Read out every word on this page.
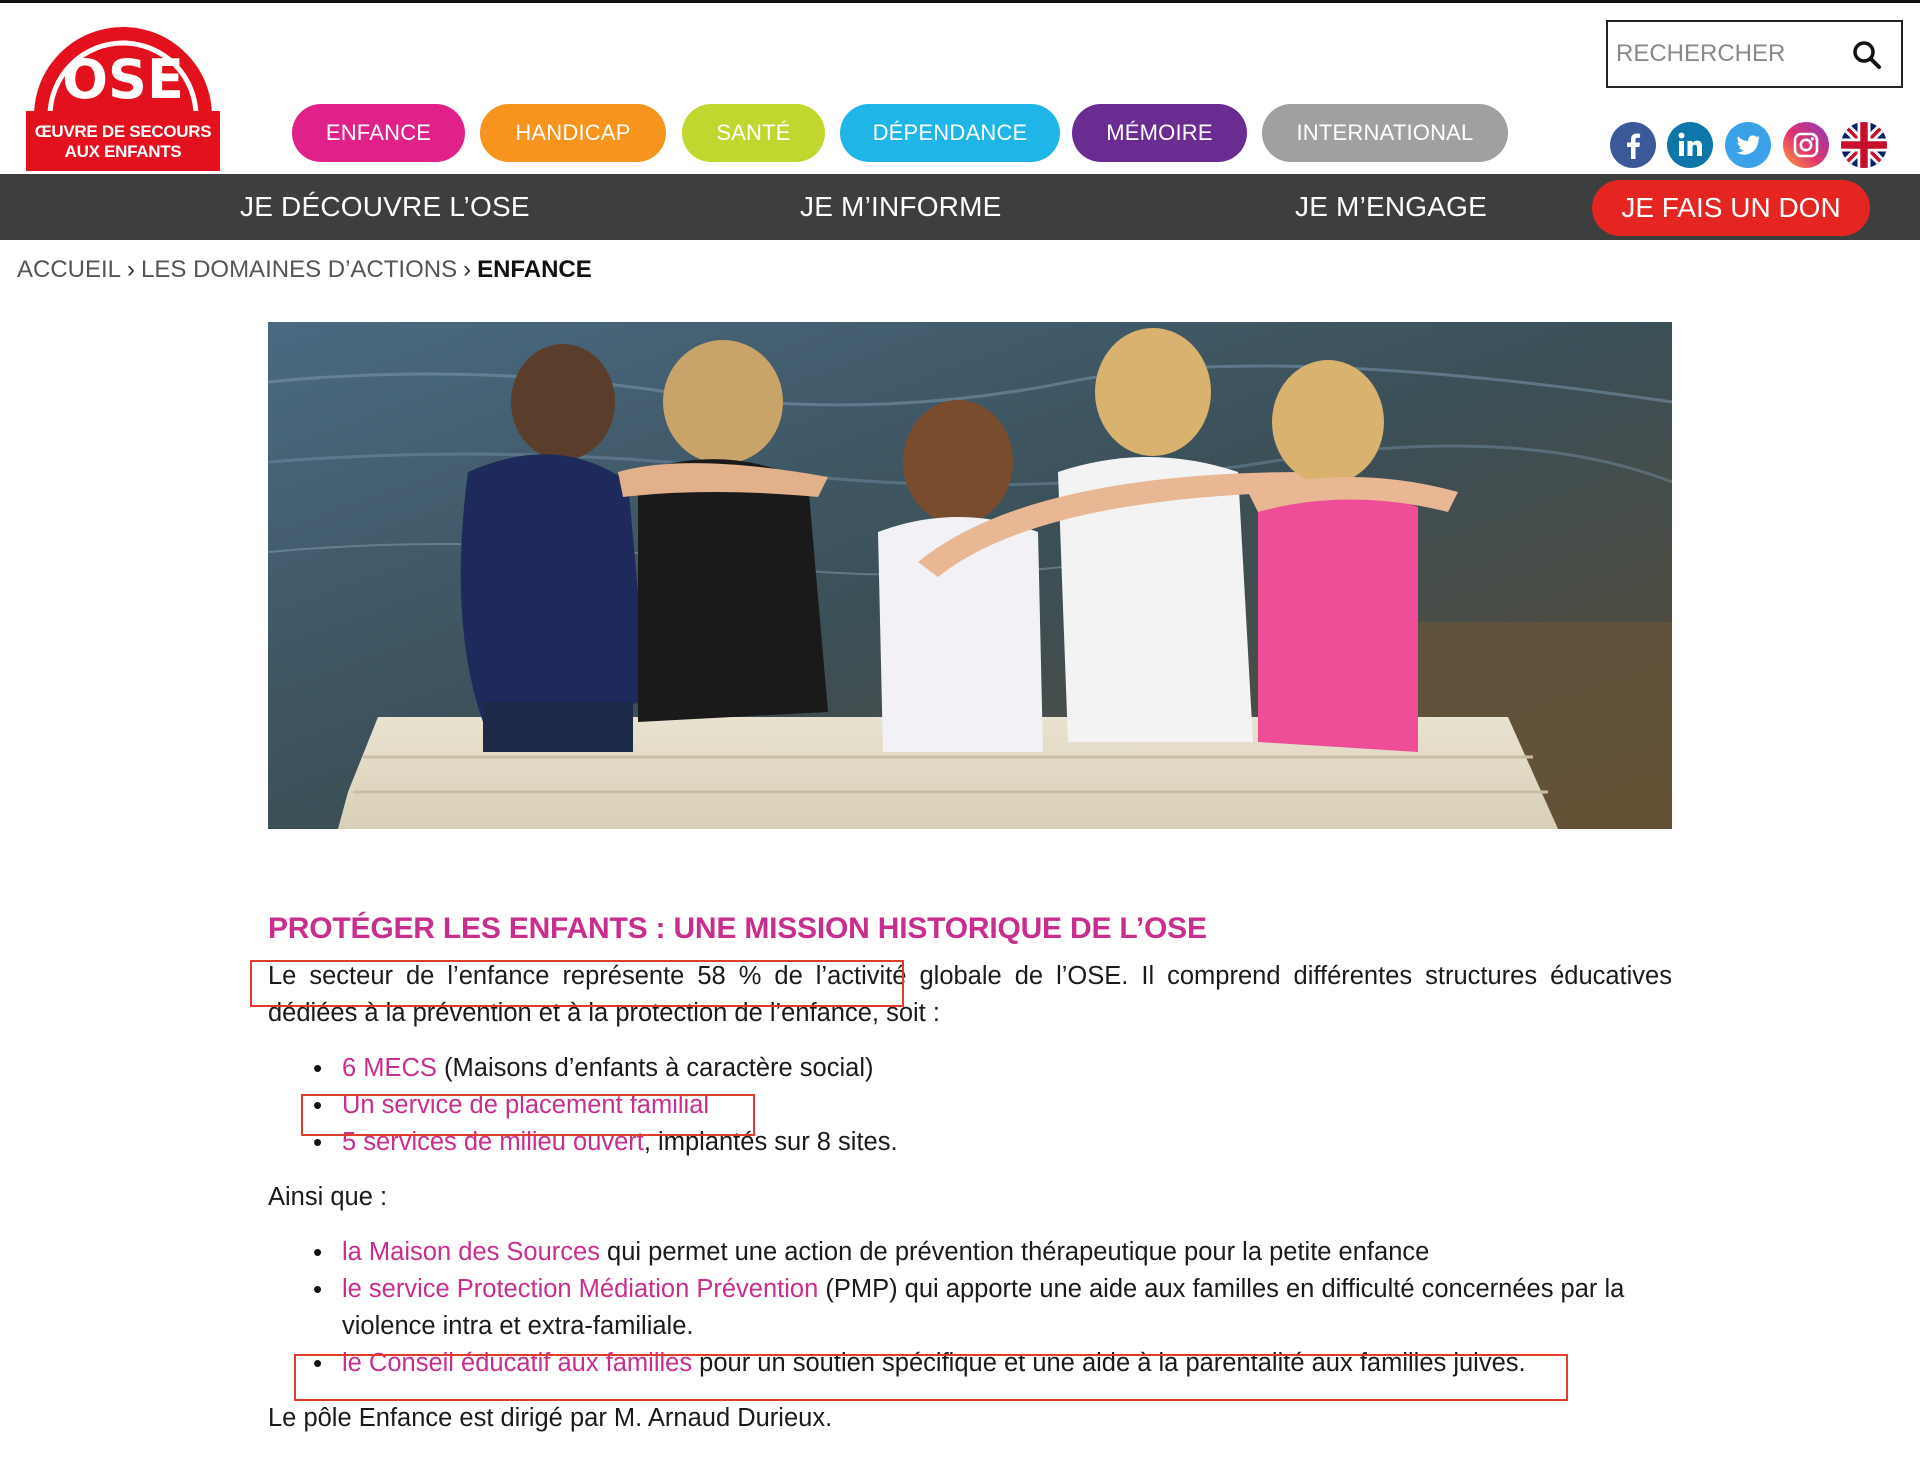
OSE
ŒUVRE DE SECOURS
AUX ENFANTS
ENFANCE	HANDICAP	SANTÉ	DÉPENDANCE	MÉMOIRE	INTERNATIONAL
RECHERCHER
JE DÉCOUVRE L’OSE	JE M’INFORME	JE M’ENGAGE	JE FAIS UN DON
ACCUEIL › LES DOMAINES D’ACTIONS › ENFANCE
PROTÉGER LES ENFANTS : UNE MISSION HISTORIQUE DE L’OSE

Le secteur de l’enfance représente 58 % de l’activité globale de l’OSE. Il comprend différentes structures éducatives dédiées à la prévention et à la protection de l’enfance, soit :

• 6 MECS (Maisons d’enfants à caractère social)
• Un service de placement familial
• 5 services de milieu ouvert, implantés sur 8 sites.

Ainsi que :

• la Maison des Sources qui permet une action de prévention thérapeutique pour la petite enfance
• le service Protection Médiation Prévention (PMP) qui apporte une aide aux familles en difficulté concernées par la violence intra et extra-familiale.
• le Conseil éducatif aux familles pour un soutien spécifique et une aide à la parentalité aux familles juives.

Le pôle Enfance est dirigé par M. Arnaud Durieux.
